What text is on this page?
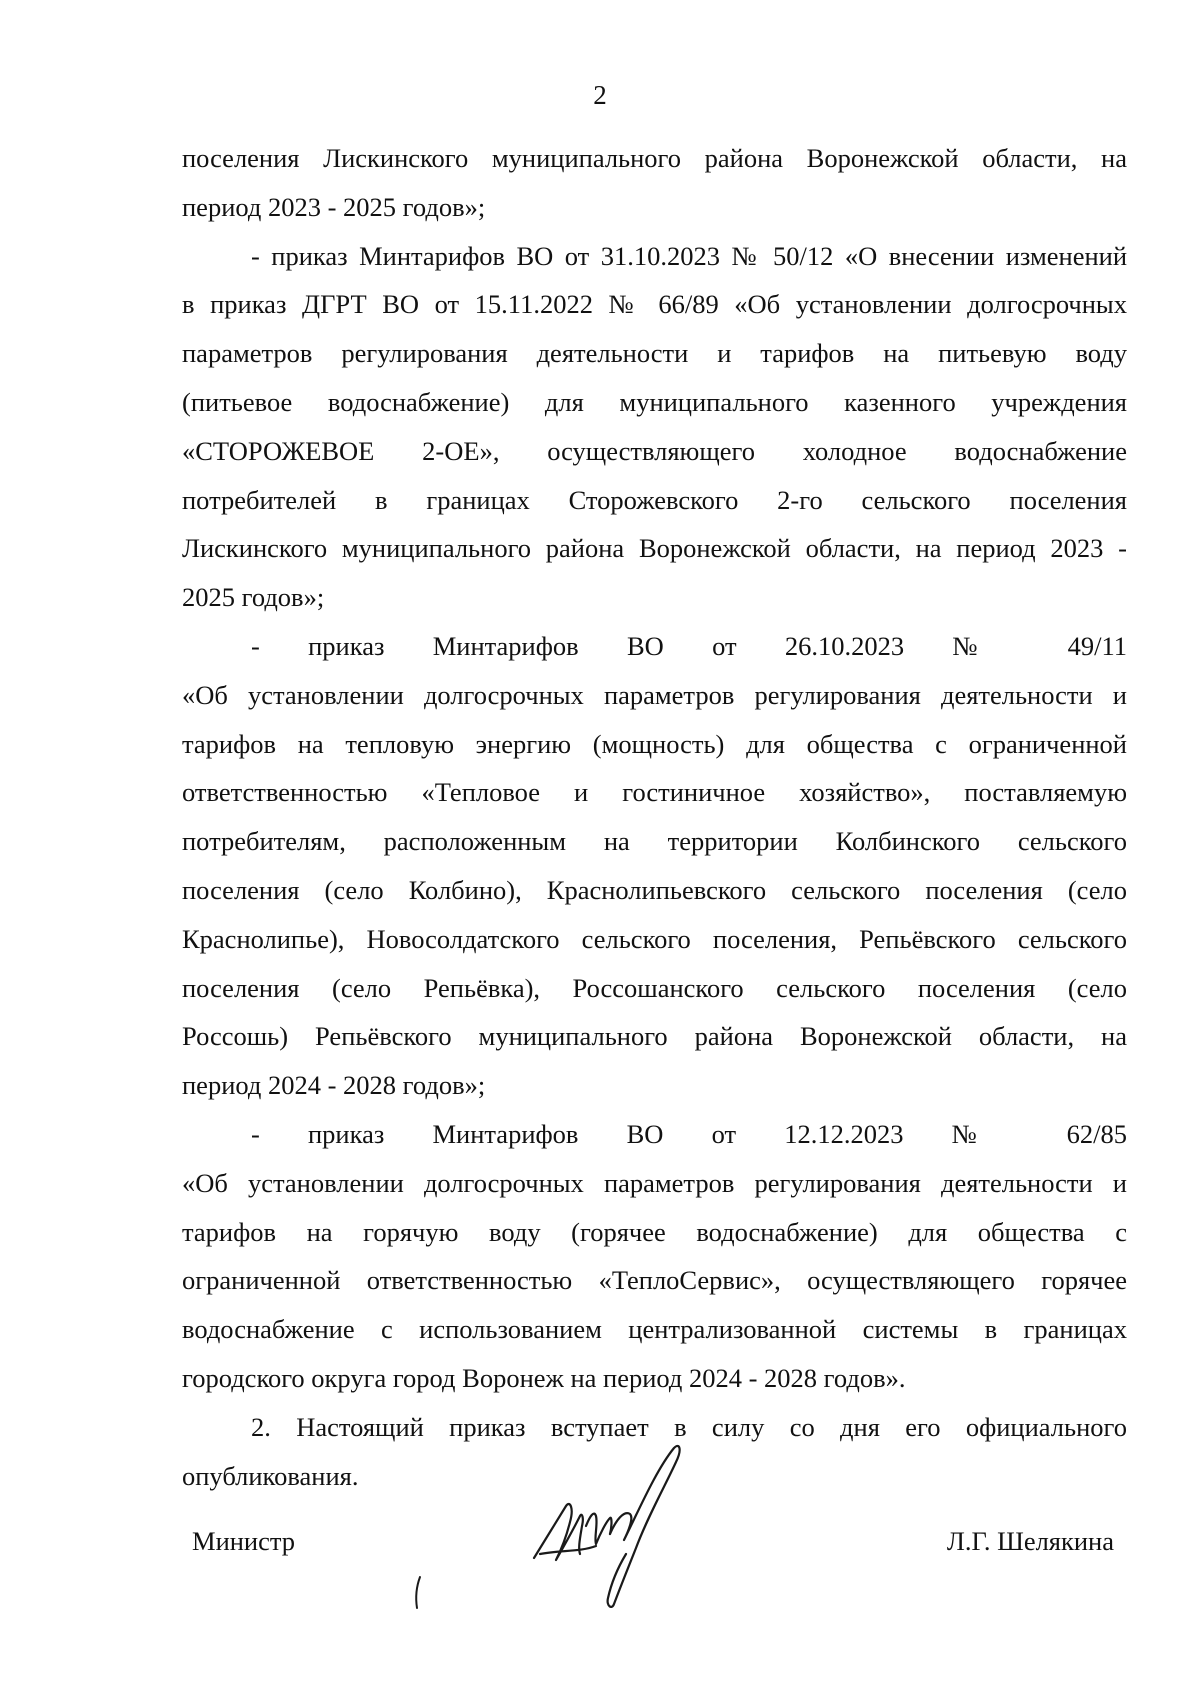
2
поселения Лискинского муниципального района Воронежской области, на
период 2023 - 2025 годов»;
- приказ Минтарифов ВО от 31.10.2023 № 50/12 «О внесении изменений
в приказ ДГРТ ВО от 15.11.2022 № 66/89 «Об установлении долгосрочных
параметров регулирования деятельности и тарифов на питьевую воду
(питьевое водоснабжение) для муниципального казенного учреждения
«СТОРОЖЕВОЕ 2-ОЕ», осуществляющего холодное водоснабжение
потребителей в границах Сторожевского 2-го сельского поселения
Лискинского муниципального района Воронежской области, на период 2023 -
2025 годов»;
- приказ Минтарифов ВО от 26.10.2023 № 49/11
«Об установлении долгосрочных параметров регулирования деятельности и
тарифов на тепловую энергию (мощность) для общества с ограниченной
ответственностью «Тепловое и гостиничное хозяйство», поставляемую
потребителям, расположенным на территории Колбинского сельского
поселения (село Колбино), Краснолипьевского сельского поселения (село
Краснолипье), Новосолдатского сельского поселения, Репьёвского сельского
поселения (село Репьёвка), Россошанского сельского поселения (село
Россошь) Репьёвского муниципального района Воронежской области, на
период 2024 - 2028 годов»;
- приказ Минтарифов ВО от 12.12.2023 № 62/85
«Об установлении долгосрочных параметров регулирования деятельности и
тарифов на горячую воду (горячее водоснабжение) для общества с
ограниченной ответственностью «ТеплоСервис», осуществляющего горячее
водоснабжение с использованием централизованной системы в границах
городского округа город Воронеж на период 2024 - 2028 годов».
2. Настоящий приказ вступает в силу со дня его официального
опубликования.
Министр	Л.Г. Шелякина
